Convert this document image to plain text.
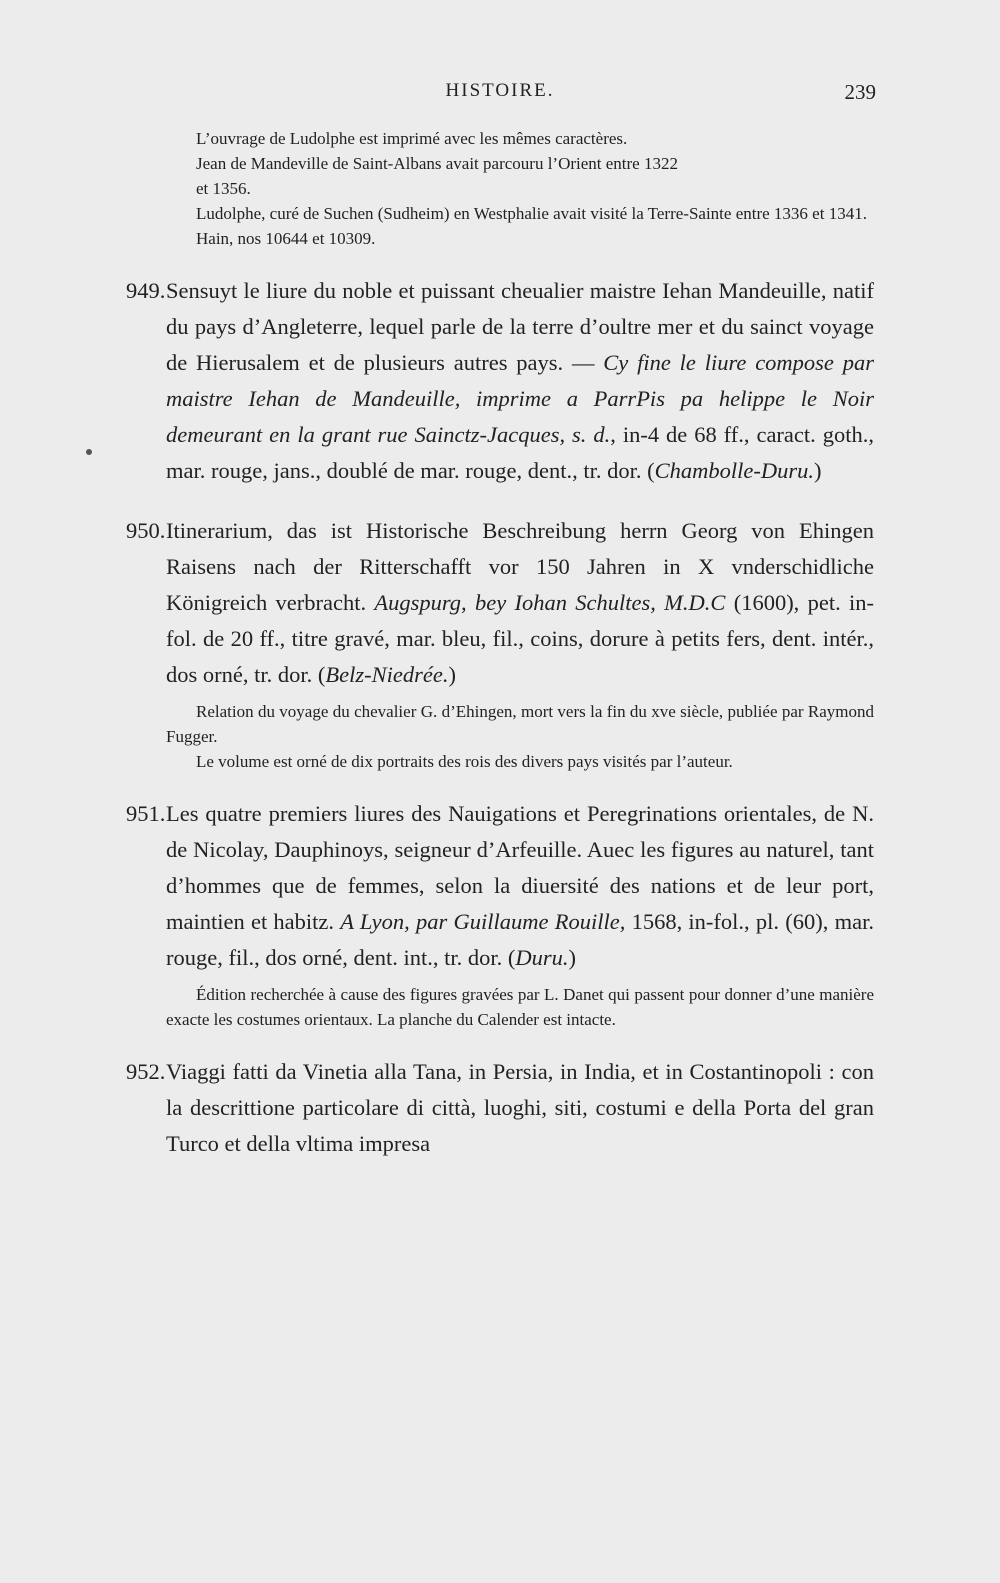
HISTOIRE.	239

L’ouvrage de Ludolphe est imprimé avec les mêmes caractères.

Jean de Mandeville de Saint-Albans avait parcouru l’Orient entre 1322

et 1356.

Ludolphe, curé de Suchen (Sudheim) en Westphalie avait visité la Terre-Sainte entre 1336 et 1341.

Hain, nos 10644 et 10309.

949. Sensuyt le liure du noble et puissant cheualier maistre Iehan Mandeuille, natif du pays d’Angleterre, lequel parle de la terre d’oultre mer et du sainct voyage de Hierusalem et de plusieurs autres pays. — Cy fine le liure compose par maistre Iehan de Mandeuille, imprime a ParrPis pa helippe le Noir demeurant en la grant rue Sainctz-Jacques, s. d., in-4 de 68 ff., caract. goth., mar. rouge, jans., doublé de mar. rouge, dent., tr. dor. (Chambolle-Duru.)

950. Itinerarium, das ist Historische Beschreibung herrn Georg von Ehingen Raisens nach der Ritterschafft vor 150 Jahren in X vnderschidliche Königreich verbracht. Augspurg, bey Iohan Schultes, M.D.C (1600), pet. in-fol. de 20 ff., titre gravé, mar. bleu, fil., coins, dorure à petits fers, dent. intér., dos orné, tr. dor. (Belz-Niedrée.)

Relation du voyage du chevalier G. d’Ehingen, mort vers la fin du xve siècle, publiée par Raymond Fugger.

Le volume est orné de dix portraits des rois des divers pays visités par l’auteur.

951. Les quatre premiers liures des Nauigations et Peregrinations orientales, de N. de Nicolay, Dauphinoys, seigneur d’Arfeuille. Auec les figures au naturel, tant d’hommes que de femmes, selon la diuersité des nations et de leur port, maintien et habitz. A Lyon, par Guillaume Rouille, 1568, in-fol., pl. (60), mar. rouge, fil., dos orné, dent. int., tr. dor. (Duru.)

Édition recherchée à cause des figures gravées par L. Danet qui passent pour donner d’une manière exacte les costumes orientaux. La planche du Calender est intacte.

952. Viaggi fatti da Vinetia alla Tana, in Persia, in India, et in Costantinopoli : con la descrittione particolare di città, luoghi, siti, costumi e della Porta del gran Turco et della vltima impresa
